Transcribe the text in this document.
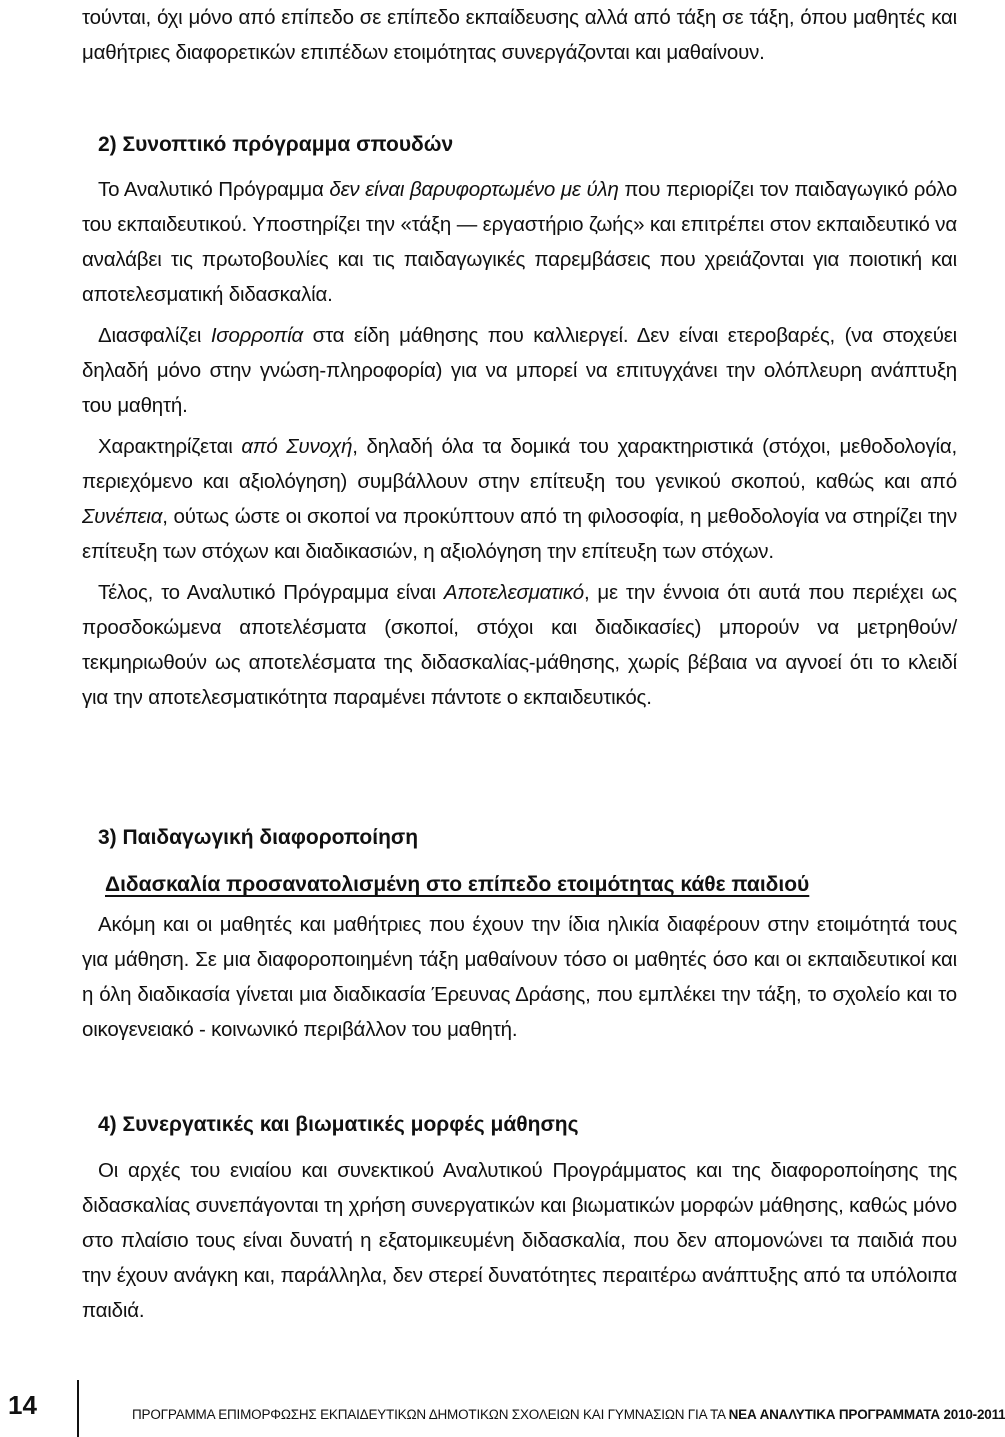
τούνται, όχι μόνο από επίπεδο σε επίπεδο εκπαίδευσης αλλά από τάξη σε τάξη, όπου μαθητές και μαθήτριες διαφορετικών επιπέδων ετοιμότητας συνεργάζονται και μαθαίνουν.

2) Συνοπτικό πρόγραμμα σπουδών

Το Αναλυτικό Πρόγραμμα δεν είναι βαρυφορτωμένο με ύλη που περιορίζει τον παιδαγωγικό ρόλο του εκπαιδευτικού. Υποστηρίζει την «τάξη — εργαστήριο ζωής» και επιτρέπει στον εκπαιδευτικό να αναλάβει τις πρωτοβουλίες και τις παιδαγωγικές παρεμβάσεις που χρειάζονται για ποιοτική και αποτελεσματική διδασκαλία.

Διασφαλίζει Ισορροπία στα είδη μάθησης που καλλιεργεί. Δεν είναι ετεροβαρές, (να στοχεύει δηλαδή μόνο στην γνώση-πληροφορία) για να μπορεί να επιτυγχάνει την ολόπλευρη ανάπτυξη του μαθητή.

Χαρακτηρίζεται από Συνοχή, δηλαδή όλα τα δομικά του χαρακτηριστικά (στόχοι, μεθοδολογία, περιεχόμενο και αξιολόγηση) συμβάλλουν στην επίτευξη του γενικού σκοπού, καθώς και από Συνέπεια, ούτως ώστε οι σκοποί να προκύπτουν από τη φιλοσοφία, η μεθοδολογία να στηρίζει την επίτευξη των στόχων και διαδικασιών, η αξιολόγηση την επίτευξη των στόχων.

Τέλος, το Αναλυτικό Πρόγραμμα είναι Αποτελεσματικό, με την έννοια ότι αυτά που περιέχει ως προσδοκώμενα αποτελέσματα (σκοποί, στόχοι και διαδικασίες) μπορούν να μετρηθούν/ τεκμηριωθούν ως αποτελέσματα της διδασκαλίας-μάθησης, χωρίς βέβαια να αγνοεί ότι το κλειδί για την αποτελεσματικότητα παραμένει πάντοτε ο εκπαιδευτικός.

3) Παιδαγωγική διαφοροποίηση
Διδασκαλία προσανατολισμένη στο επίπεδο ετοιμότητας κάθε παιδιού

Ακόμη και οι μαθητές και μαθήτριες που έχουν την ίδια ηλικία διαφέρουν στην ετοιμότητά τους για μάθηση. Σε μια διαφοροποιημένη τάξη μαθαίνουν τόσο οι μαθητές όσο και οι εκπαιδευτικοί και η όλη διαδικασία γίνεται μια διαδικασία Έρευνας Δράσης, που εμπλέκει την τάξη, το σχολείο και το οικογενειακό - κοινωνικό περιβάλλον του μαθητή.

4) Συνεργατικές και βιωματικές μορφές μάθησης

Οι αρχές του ενιαίου και συνεκτικού Αναλυτικού Προγράμματος και της διαφοροποίησης της διδασκαλίας συνεπάγονται τη χρήση συνεργατικών και βιωματικών μορφών μάθησης, καθώς μόνο στο πλαίσιο τους είναι δυνατή η εξατομικευμένη διδασκαλία, που δεν απομονώνει τα παιδιά που την έχουν ανάγκη και, παράλληλα, δεν στερεί δυνατότητες περαιτέρω ανάπτυξης από τα υπόλοιπα παιδιά.

14	ΠΡΟΓΡΑΜΜΑ ΕΠΙΜΟΡΦΩΣΗΣ ΕΚΠΑΙΔΕΥΤΙΚΩΝ ΔΗΜΟΤΙΚΩΝ ΣΧΟΛΕΙΩΝ ΚΑΙ ΓΥΜΝΑΣΙΩΝ ΓΙΑ ΤΑ ΝΕΑ ΑΝΑΛΥΤΙΚΑ ΠΡΟΓΡΑΜΜΑΤΑ 2010-2011
